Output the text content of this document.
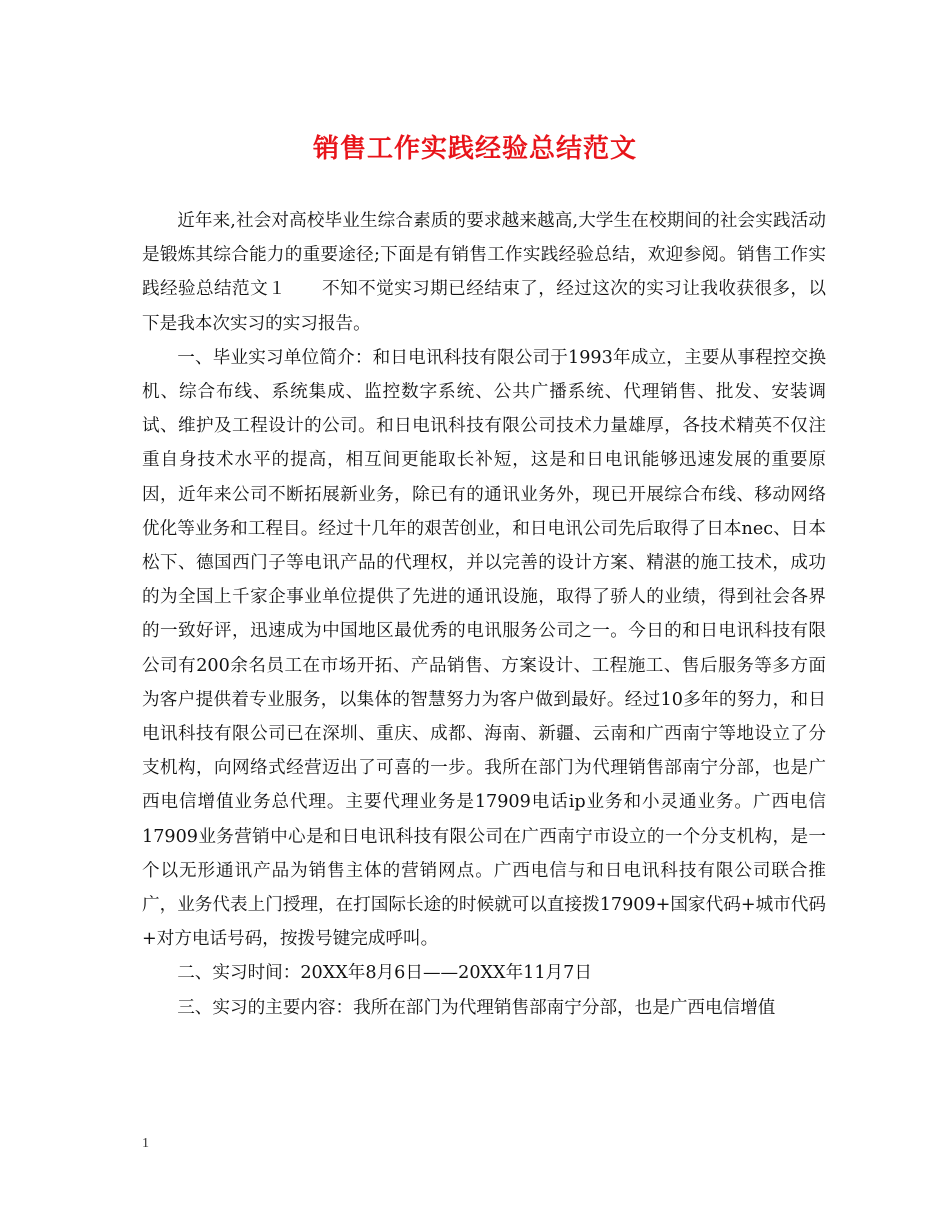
销售工作实践经验总结范文

近年来,社会对高校毕业生综合素质的要求越来越高,大学生在校期间的社会实践活动是锻炼其综合能力的重要途径;下面是有销售工作实践经验总结，欢迎参阅。销售工作实践经验总结范文１　　不知不觉实习期已经结束了，经过这次的实习让我收获很多，以下是我本次实习的实习报告。

一、毕业实习单位简介：和日电讯科技有限公司于1993年成立，主要从事程控交换机、综合布线、系统集成、监控数字系统、公共广播系统、代理销售、批发、安装调试、维护及工程设计的公司。和日电讯科技有限公司技术力量雄厚，各技术精英不仅注重自身技术水平的提高，相互间更能取长补短，这是和日电讯能够迅速发展的重要原因，近年来公司不断拓展新业务，除已有的通讯业务外，现已开展综合布线、移动网络优化等业务和工程目。经过十几年的艰苦创业，和日电讯公司先后取得了日本nec、日本松下、德国西门子等电讯产品的代理权，并以完善的设计方案、精湛的施工技术，成功的为全国上千家企事业单位提供了先进的通讯设施，取得了骄人的业绩，得到社会各界的一致好评，迅速成为中国地区最优秀的电讯服务公司之一。今日的和日电讯科技有限公司有200余名员工在市场开拓、产品销售、方案设计、工程施工、售后服务等多方面为客户提供着专业服务，以集体的智慧努力为客户做到最好。经过10多年的努力，和日电讯科技有限公司已在深圳、重庆、成都、海南、新疆、云南和广西南宁等地设立了分支机构，向网络式经营迈出了可喜的一步。我所在部门为代理销售部南宁分部，也是广西电信增值业务总代理。主要代理业务是17909电话ip业务和小灵通业务。广西电信17909业务营销中心是和日电讯科技有限公司在广西南宁市设立的一个分支机构，是一个以无形通讯产品为销售主体的营销网点。广西电信与和日电讯科技有限公司联合推广，业务代表上门授理，在打国际长途的时候就可以直接拨17909+国家代码+城市代码+对方电话号码，按拨号键完成呼叫。

二、实习时间：20XX年8月6日——20XX年11月7日

三、实习的主要内容：我所在部门为代理销售部南宁分部，也是广西电信增值

1
